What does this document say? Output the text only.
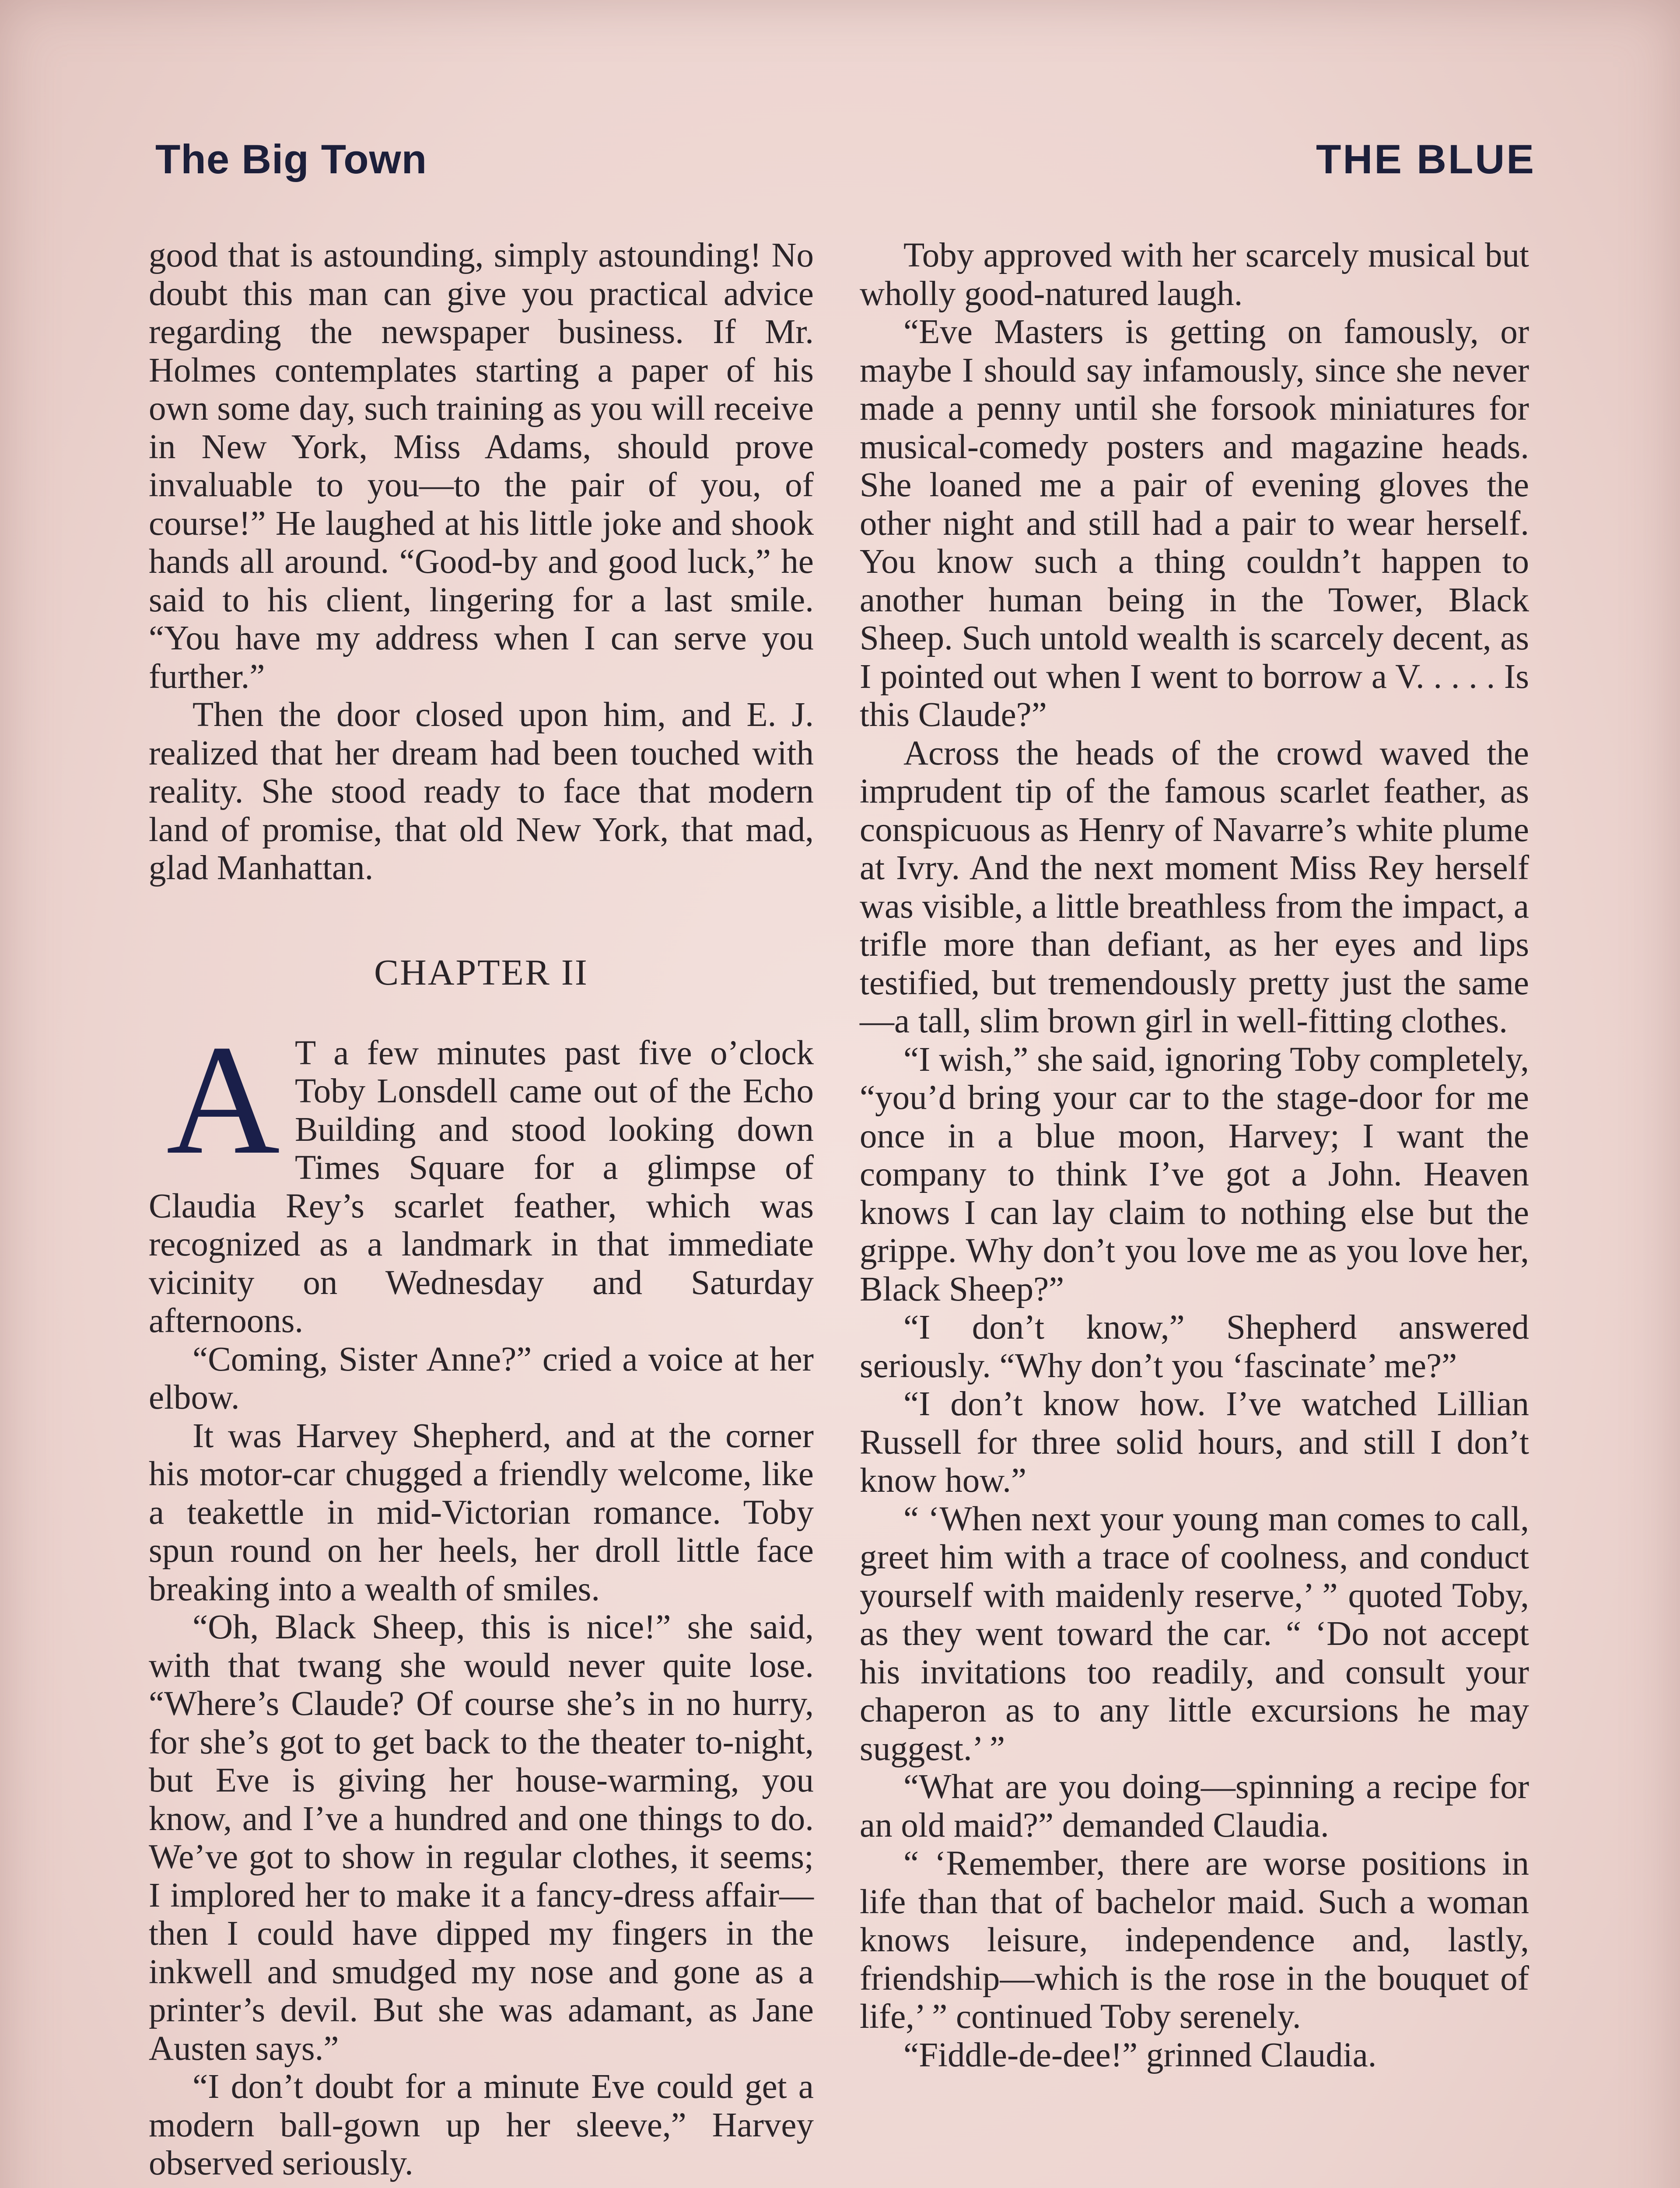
The Big Town	THE BLUE

good that is astounding, simply astounding! No doubt this man can give you practical advice regarding the newspaper business. If Mr. Holmes contemplates starting a paper of his own some day, such training as you will receive in New York, Miss Adams, should prove invaluable to you—to the pair of you, of course!” He laughed at his little joke and shook hands all around. “Good-by and good luck,” he said to his client, lingering for a last smile. “You have my address when I can serve you further.”

Then the door closed upon him, and E. J. realized that her dream had been touched with reality. She stood ready to face that modern land of promise, that old New York, that mad, glad Manhattan.

CHAPTER II

A T a few minutes past five o’clock Toby Lonsdell came out of the Echo Building and stood looking down Times Square for a glimpse of Claudia Rey’s scarlet feather, which was recognized as a landmark in that immediate vicinity on Wednesday and Saturday afternoons.

“Coming, Sister Anne?” cried a voice at her elbow.

It was Harvey Shepherd, and at the corner his motor-car chugged a friendly welcome, like a teakettle in mid-Victorian romance. Toby spun round on her heels, her droll little face breaking into a wealth of smiles.

“Oh, Black Sheep, this is nice!” she said, with that twang she would never quite lose. “Where’s Claude? Of course she’s in no hurry, for she’s got to get back to the theater to-night, but Eve is giving her house-warming, you know, and I’ve a hundred and one things to do. We’ve got to show in regular clothes, it seems; I implored her to make it a fancy-dress affair—then I could have dipped my fingers in the inkwell and smudged my nose and gone as a printer’s devil. But she was adamant, as Jane Austen says.”

“I don’t doubt for a minute Eve could get a modern ball-gown up her sleeve,” Harvey observed seriously.

Toby approved with her scarcely musical but wholly good-natured laugh.

“Eve Masters is getting on famously, or maybe I should say infamously, since she never made a penny until she forsook miniatures for musical-comedy posters and magazine heads. She loaned me a pair of evening gloves the other night and still had a pair to wear herself. You know such a thing couldn’t happen to another human being in the Tower, Black Sheep. Such untold wealth is scarcely decent, as I pointed out when I went to borrow a V. . . . . Is this Claude?”

Across the heads of the crowd waved the imprudent tip of the famous scarlet feather, as conspicuous as Henry of Navarre’s white plume at Ivry. And the next moment Miss Rey herself was visible, a little breathless from the impact, a trifle more than defiant, as her eyes and lips testified, but tremendously pretty just the same—a tall, slim brown girl in well-fitting clothes.

“I wish,” she said, ignoring Toby completely, “you’d bring your car to the stage-door for me once in a blue moon, Harvey; I want the company to think I’ve got a John. Heaven knows I can lay claim to nothing else but the grippe. Why don’t you love me as you love her, Black Sheep?”

“I don’t know,” Shepherd answered seriously. “Why don’t you ‘fascinate’ me?”

“I don’t know how. I’ve watched Lillian Russell for three solid hours, and still I don’t know how.”

“ ‘When next your young man comes to call, greet him with a trace of coolness, and conduct yourself with maidenly reserve,’ ” quoted Toby, as they went toward the car. “ ‘Do not accept his invitations too readily, and consult your chaperon as to any little excursions he may suggest.’ ”

“What are you doing—spinning a recipe for an old maid?” demanded Claudia.

“ ‘Remember, there are worse positions in life than that of bachelor maid. Such a woman knows leisure, independence and, lastly, friendship—which is the rose in the bouquet of life,’ ” continued Toby serenely.

“Fiddle-de-dee!” grinned Claudia.
